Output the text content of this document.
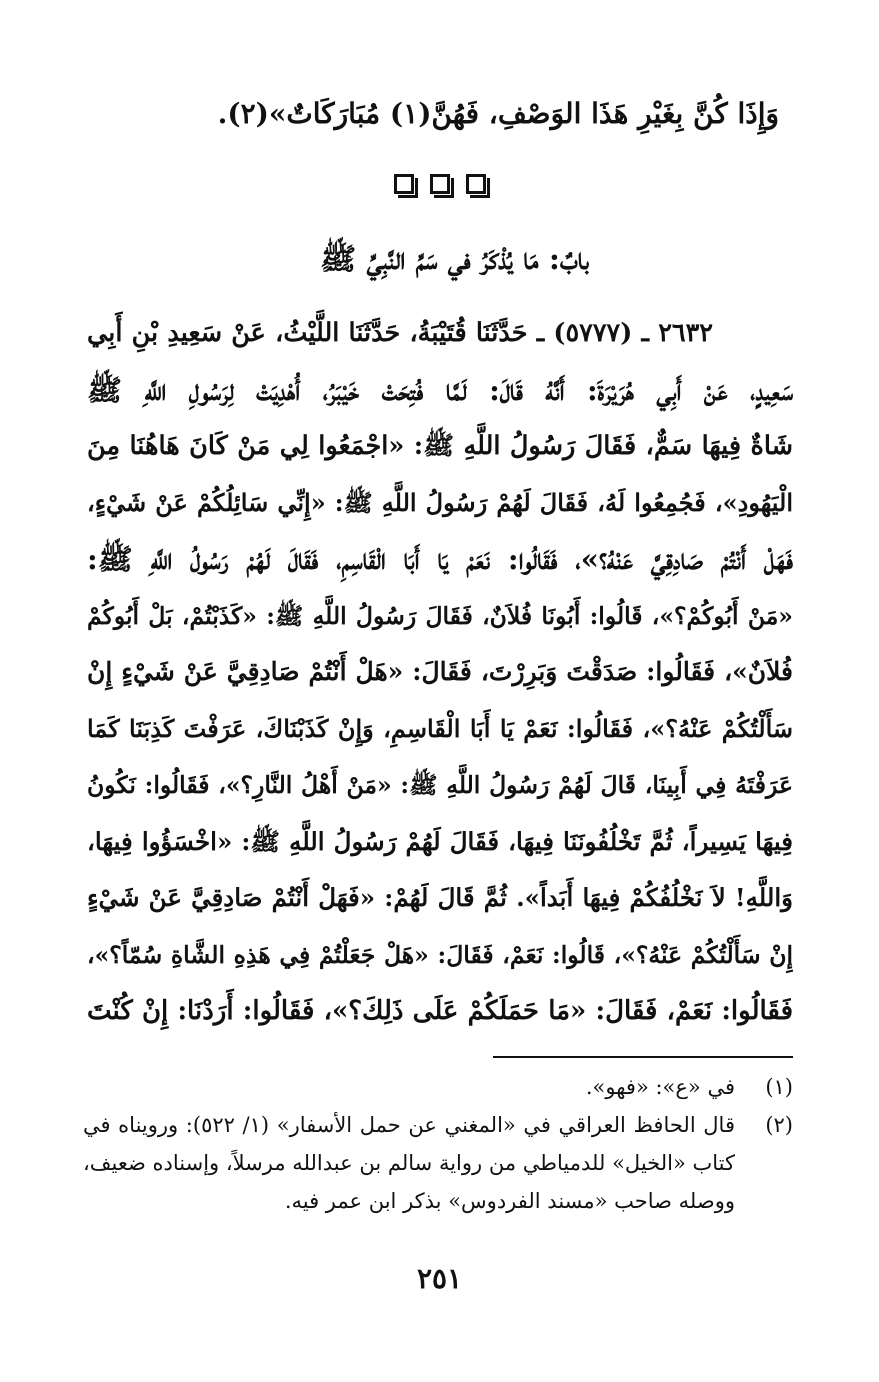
وَإِذَا كُنَّ بِغَيْرِ هَذَا الوَصْفِ، فَهُنَّ(١) مُبَارَكَاتٌ»(٢).

بابٌ: مَا يُذْكَرُ في سَمِّ النَّبِيِّ ﷺ
٢٦٣٢ ـ (٥٧٧٧) ـ حَدَّثَنَا قُتَيْبَةُ، حَدَّثَنَا اللَّيْثُ، عَنْ سَعِيدِ بْنِ أَبِي
سَعِيدٍ، عَنْ أَبِي هُرَيْرَةَ: أَنَّهُ قَالَ: لَمَّا فُتِحَتْ خَيْبَرُ، أُهْدِيَتْ لِرَسُولِ اللَّهِ ﷺ
شَاةٌ فِيهَا سَمٌّ، فَقَالَ رَسُولُ اللَّهِ ﷺ: «اجْمَعُوا لِي مَنْ كَانَ هَاهُنَا مِنَ
الْيَهُودِ»، فَجُمِعُوا لَهُ، فَقَالَ لَهُمْ رَسُولُ اللَّهِ ﷺ: «إِنِّي سَائِلُكُمْ عَنْ شَيْءٍ،
فَهَلْ أَنْتُمْ صَادِقِيَّ عَنْهُ؟»، فَقَالُوا: نَعَمْ يَا أَبَا الْقَاسِمِ، فَقَالَ لَهُمْ رَسُولُ اللَّهِ ﷺ:
«مَنْ أَبُوكُمْ؟»، قَالُوا: أَبُونَا فُلاَنٌ، فَقَالَ رَسُولُ اللَّهِ ﷺ: «كَذَبْتُمْ، بَلْ أَبُوكُمْ
فُلاَنٌ»، فَقَالُوا: صَدَقْتَ وَبَرِرْتَ، فَقَالَ: «هَلْ أَنْتُمْ صَادِقِيَّ عَنْ شَيْءٍ إِنْ
سَأَلْتُكُمْ عَنْهُ؟»، فَقَالُوا: نَعَمْ يَا أَبَا الْقَاسِمِ، وَإِنْ كَذَبْنَاكَ، عَرَفْتَ كَذِبَنَا كَمَا
عَرَفْتَهُ فِي أَبِينَا، قَالَ لَهُمْ رَسُولُ اللَّهِ ﷺ: «مَنْ أَهْلُ النَّارِ؟»، فَقَالُوا: نَكُونُ
فِيهَا يَسِيراً، ثُمَّ تَخْلُفُونَنَا فِيهَا، فَقَالَ لَهُمْ رَسُولُ اللَّهِ ﷺ: «اخْسَؤُوا فِيهَا،
وَاللَّهِ! لاَ نَخْلُفُكُمْ فِيهَا أَبَداً». ثُمَّ قَالَ لَهُمْ: «فَهَلْ أَنْتُمْ صَادِقِيَّ عَنْ شَيْءٍ
إِنْ سَأَلْتُكُمْ عَنْهُ؟»، قَالُوا: نَعَمْ، فَقَالَ: «هَلْ جَعَلْتُمْ فِي هَذِهِ الشَّاةِ سُمّاً؟»،
فَقَالُوا: نَعَمْ، فَقَالَ: «مَا حَمَلَكُمْ عَلَى ذَلِكَ؟»، فَقَالُوا: أَرَدْنَا: إِنْ كُنْتَ
(١)
في «ع»: «فهو».
(٢)
قال الحافظ العراقي في «المغني عن حمل الأسفار» (١/ ٥٢٢): ورويناه في
كتاب «الخيل» للدمياطي من رواية سالم بن عبدالله مرسلاً، وإسناده ضعيف،
ووصله صاحب «مسند الفردوس» بذكر ابن عمر فيه.
٢٥١
